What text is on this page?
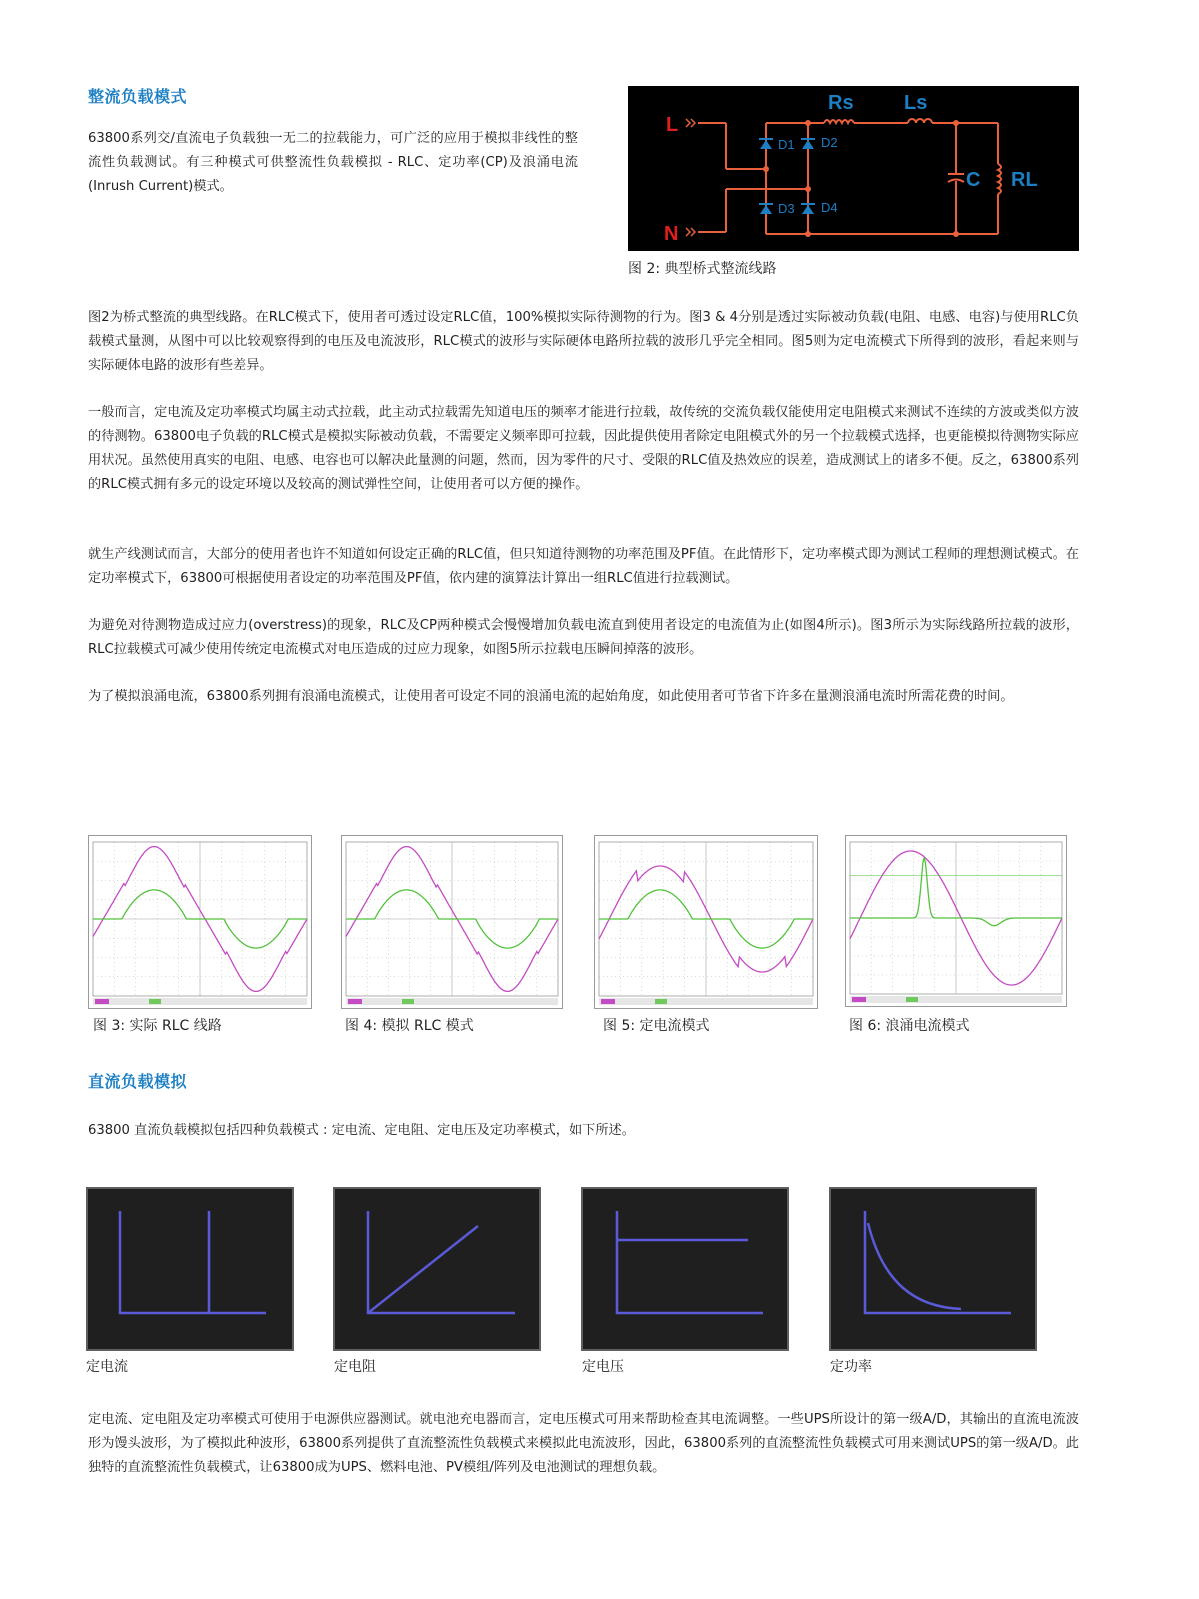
整流负载模式

63800系列交/直流电子负载独一无二的拉载能力，可广泛的应用于模拟非线性的整流性负载测试。有三种模式可供整流性负载模拟 - RLC、定功率(CP)及浪涌电流(Inrush Current)模式。

L
N
Rs	Ls
C RL
D1 D2
D3 D4
图 2: 典型桥式整流线路

图2为桥式整流的典型线路。在RLC模式下，使用者可透过设定RLC值，100%模拟实际待测物的行为。图3 & 4分别是透过实际被动负载(电阻、电感、电容)与使用RLC负载模式量测，从图中可以比较观察得到的电压及电流波形，RLC模式的波形与实际硬体电路所拉载的波形几乎完全相同。图5则为定电流模式下所得到的波形，看起来则与实际硬体电路的波形有些差异。

一般而言，定电流及定功率模式均属主动式拉载，此主动式拉载需先知道电压的频率才能进行拉载，故传统的交流负载仅能使用定电阻模式来测试不连续的方波或类似方波的待测物。63800电子负载的RLC模式是模拟实际被动负载，不需要定义频率即可拉载，因此提供使用者除定电阻模式外的另一个拉载模式选择，也更能模拟待测物实际应用状况。虽然使用真实的电阻、电感、电容也可以解决此量测的问题，然而，因为零件的尺寸、受限的RLC值及热效应的误差，造成测试上的诸多不便。反之，63800系列的RLC模式拥有多元的设定环境以及较高的测试弹性空间，让使用者可以方便的操作。

就生产线测试而言，大部分的使用者也许不知道如何设定正确的RLC值，但只知道待测物的功率范围及PF值。在此情形下，定功率模式即为测试工程师的理想测试模式。在定功率模式下，63800可根据使用者设定的功率范围及PF值，依内建的演算法计算出一组RLC值进行拉载测试。

为避免对待测物造成过应力(overstress)的现象，RLC及CP两种模式会慢慢增加负载电流直到使用者设定的电流值为止(如图4所示)。图3所示为实际线路所拉载的波形，RLC拉载模式可减少使用传统定电流模式对电压造成的过应力现象，如图5所示拉载电压瞬间掉落的波形。

为了模拟浪涌电流，63800系列拥有浪涌电流模式，让使用者可设定不同的浪涌电流的起始角度，如此使用者可节省下许多在量测浪涌电流时所需花费的时间。

图 3: 实际 RLC 线路	图 4: 模拟 RLC 模式	图 5: 定电流模式	图 6: 浪涌电流模式
直流负载模拟

63800 直流负载模拟包括四种负载模式 : 定电流、定电阻、定电压及定功率模式，如下所述。

定电流	定电阻	定电压	定功率

定电流、定电阻及定功率模式可使用于电源供应器测试。就电池充电器而言，定电压模式可用来帮助检查其电流调整。一些UPS所设计的第一级A/D，其输出的直流电流波形为馒头波形，为了模拟此种波形，63800系列提供了直流整流性负载模式来模拟此电流波形，因此，63800系列的直流整流性负载模式可用来测试UPS的第一级A/D。此独特的直流整流性负载模式，让63800成为UPS、燃料电池、PV模组/阵列及电池测试的理想负载。
